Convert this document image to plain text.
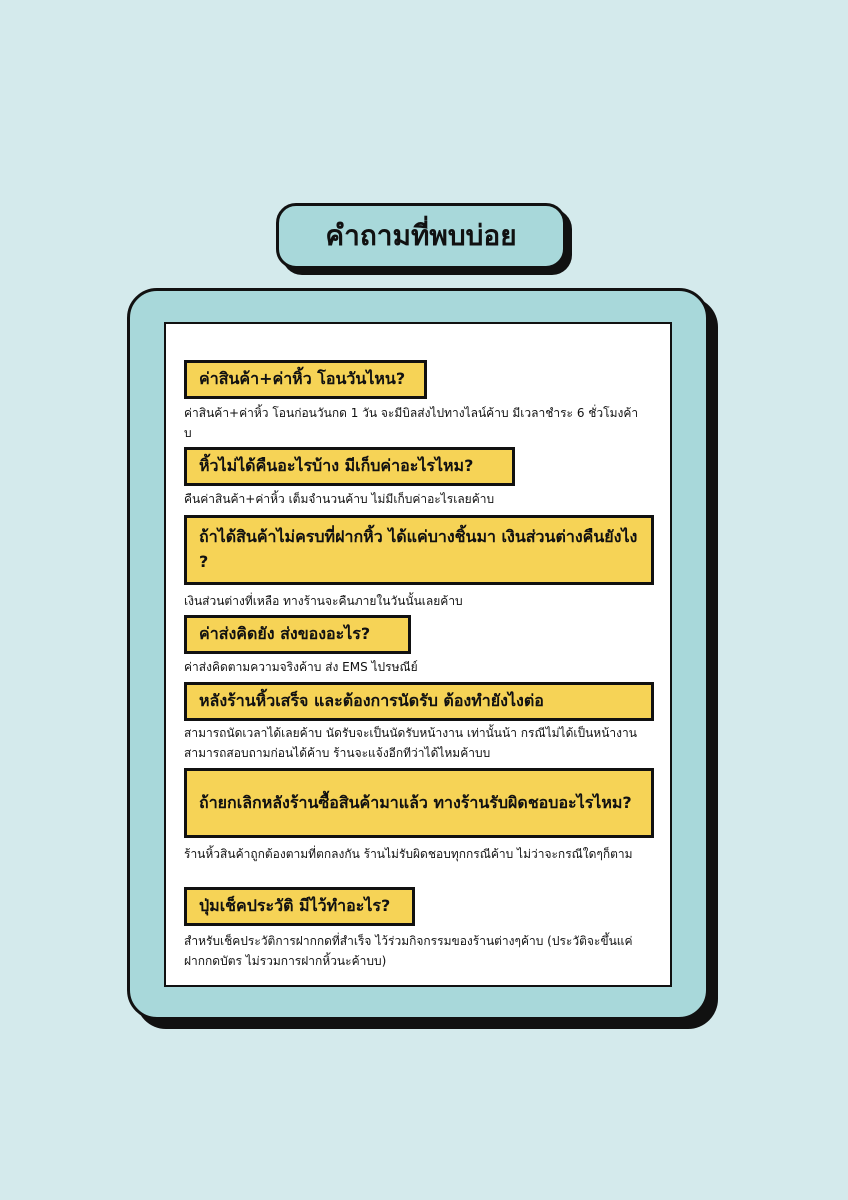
คำถามที่พบบ่อย
ค่าสินค้า+ค่าหิ้ว โอนวันไหน?
ค่าสินค้า+ค่าหิ้ว โอนก่อนวันกด 1 วัน จะมีบิลส่งไปทางไลน์ค้าบ มีเวลาชำระ 6 ชั่วโมงค้าบ
หิ้วไม่ได้คืนอะไรบ้าง มีเก็บค่าอะไรไหม?
คืนค่าสินค้า+ค่าหิ้ว เต็มจำนวนค้าบ ไม่มีเก็บค่าอะไรเลยค้าบ
ถ้าได้สินค้าไม่ครบที่ฝากหิ้ว ได้แค่บางชิ้นมา เงินส่วนต่างคืนยังไง ?
เงินส่วนต่างที่เหลือ ทางร้านจะคืนภายในวันนั้นเลยค้าบ
ค่าส่งคิดยัง ส่งของอะไร?
ค่าส่งคิดตามความจริงค้าบ ส่ง EMS ไปรษณีย์
หลังร้านหิ้วเสร็จ และต้องการนัดรับ ต้องทำยังไงต่อ
สามารถนัดเวลาได้เลยค้าบ นัดรับจะเป็นนัดรับหน้างาน เท่านั้นน้า กรณีไม่ได้เป็นหน้างาน สามารถสอบถามก่อนได้ค้าบ ร้านจะแจ้งอีกทีว่าได้ไหมค้าบบ
ถ้ายกเลิกหลังร้านซื้อสินค้ามาแล้ว ทางร้านรับผิดชอบอะไรไหม?
ร้านหิ้วสินค้าถูกต้องตามที่ตกลงกัน ร้านไม่รับผิดชอบทุกกรณีค้าบ ไม่ว่าจะกรณีใดๆก็ตาม
ปุ่มเช็คประวัติ มีไว้ทำอะไร?
สำหรับเช็คประวัติการฝากกดที่สำเร็จ ไว้ร่วมกิจกรรมของร้านต่างๆค้าบ (ประวัติจะขึ้นแค่ฝากกดบัตร ไม่รวมการฝากหิ้วนะค้าบบ)
